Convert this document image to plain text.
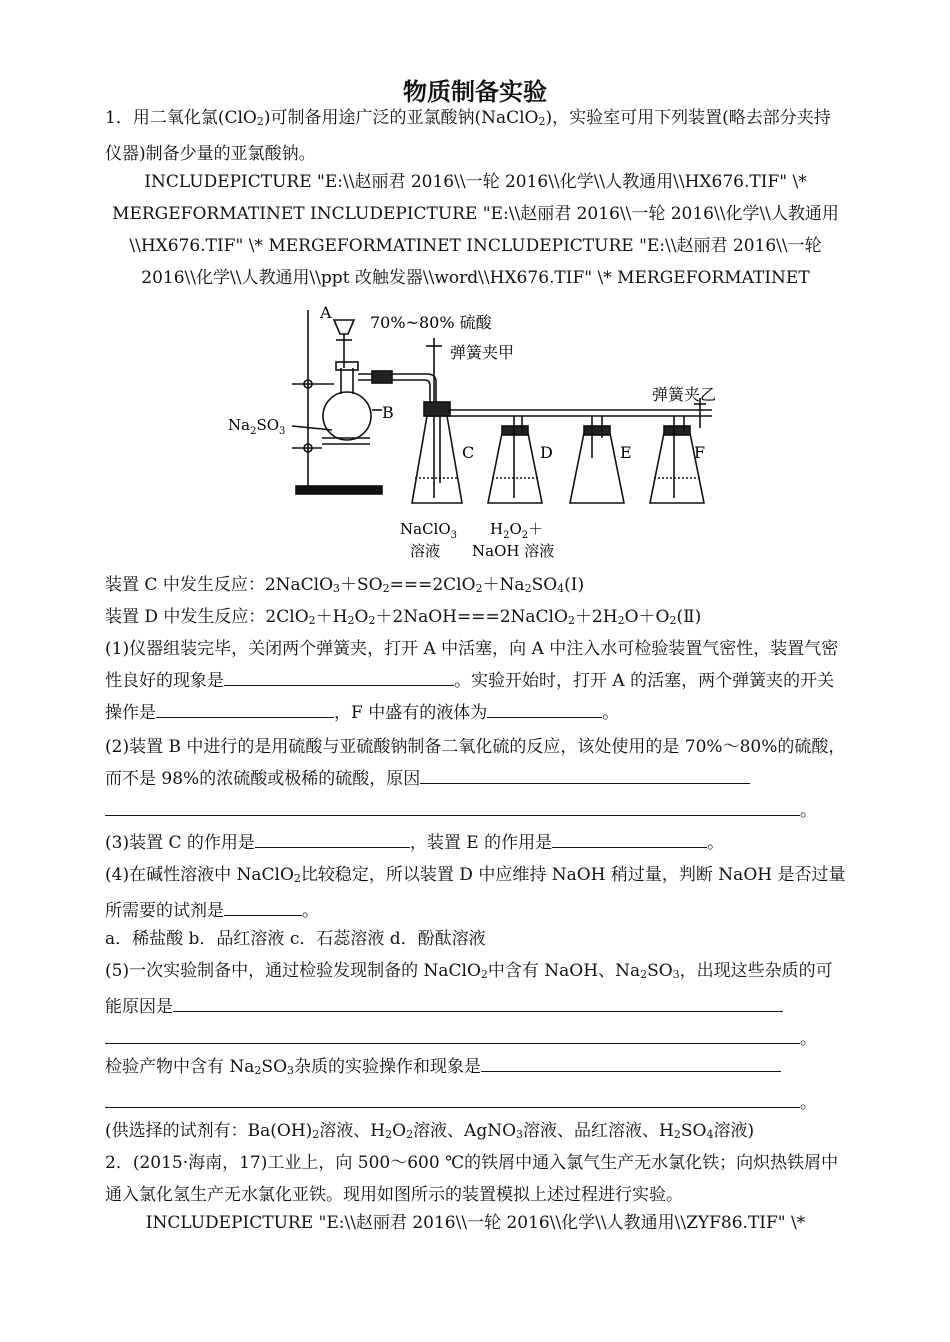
物质制备实验
1．用二氧化氯(ClO$_2$)可制备用途广泛的亚氯酸钠(NaClO$_2$)，实验室可用下列装置(略去部分夹持仪器)制备少量的亚氯酸钠。
INCLUDEPICTURE "E:\\赵丽君 2016\\一轮 2016\\化学\\人教通用\\HX676.TIF" \* MERGEFORMATINET INCLUDEPICTURE "E:\\赵丽君 2016\\一轮 2016\\化学\\人教通用\\HX676.TIF" \* MERGEFORMATINET INCLUDEPICTURE "E:\\赵丽君 2016\\一轮 2016\\化学\\人教通用\\ppt 改触发器\\word\\HX676.TIF" \* MERGEFORMATINET
A
70%~80% 硫酸
弹簧夹甲
弹簧夹乙
$Na_2SO_3$
B
C	D	E	F
NaClO$_3$
溶液
$H_2O_2+$
NaOH 溶液
装置 C 中发生反应：$2NaClO_3+SO_2===2ClO_2+Na_2SO_4(Ⅰ)$
装置 D 中发生反应：$2ClO_2+H_2O_2+2NaOH===2NaClO_2+2H_2O+O_2(Ⅱ)$
(1)仪器组装完毕，关闭两个弹簧夹，打开 A 中活塞，向 A 中注入水可检验装置气密性，装置气密性良好的现象是	。实验开始时，打开 A 的活塞，两个弹簧夹的开关操作是	，F 中盛有的液体为	。
(2)装置 B 中进行的是用硫酸与亚硫酸钠制备二氧化硫的反应，该处使用的是 70%～80%的硫酸，而不是 98%的浓硫酸或极稀的硫酸，原因
。
(3)装置 C 的作用是	，装置 E 的作用是	。
(4)在碱性溶液中 NaClO$_2$比较稳定，所以装置 D 中应维持 NaOH 稍过量，判断 NaOH 是否过量所需要的试剂是	。
a．稀盐酸 b．品红溶液 c．石蕊溶液 d．酚酞溶液
(5)一次实验制备中，通过检验发现制备的 NaClO$_2$中含有 NaOH、$Na_2SO_3$，出现这些杂质的可能原因是
。
检验产物中含有 $Na_2SO_3$杂质的实验操作和现象是
。
(供选择的试剂有：$Ba(OH)_2$溶液、$H_2O_2$溶液、AgNO$_3$溶液、品红溶液、$H_2SO_4$溶液)
2．(2015·海南，17)工业上，向 500～600 ℃的铁屑中通入氯气生产无水氯化铁；向炽热铁屑中通入氯化氢生产无水氯化亚铁。现用如图所示的装置模拟上述过程进行实验。
INCLUDEPICTURE "E:\\赵丽君 2016\\一轮 2016\\化学\\人教通用\\ZYF86.TIF" \*
